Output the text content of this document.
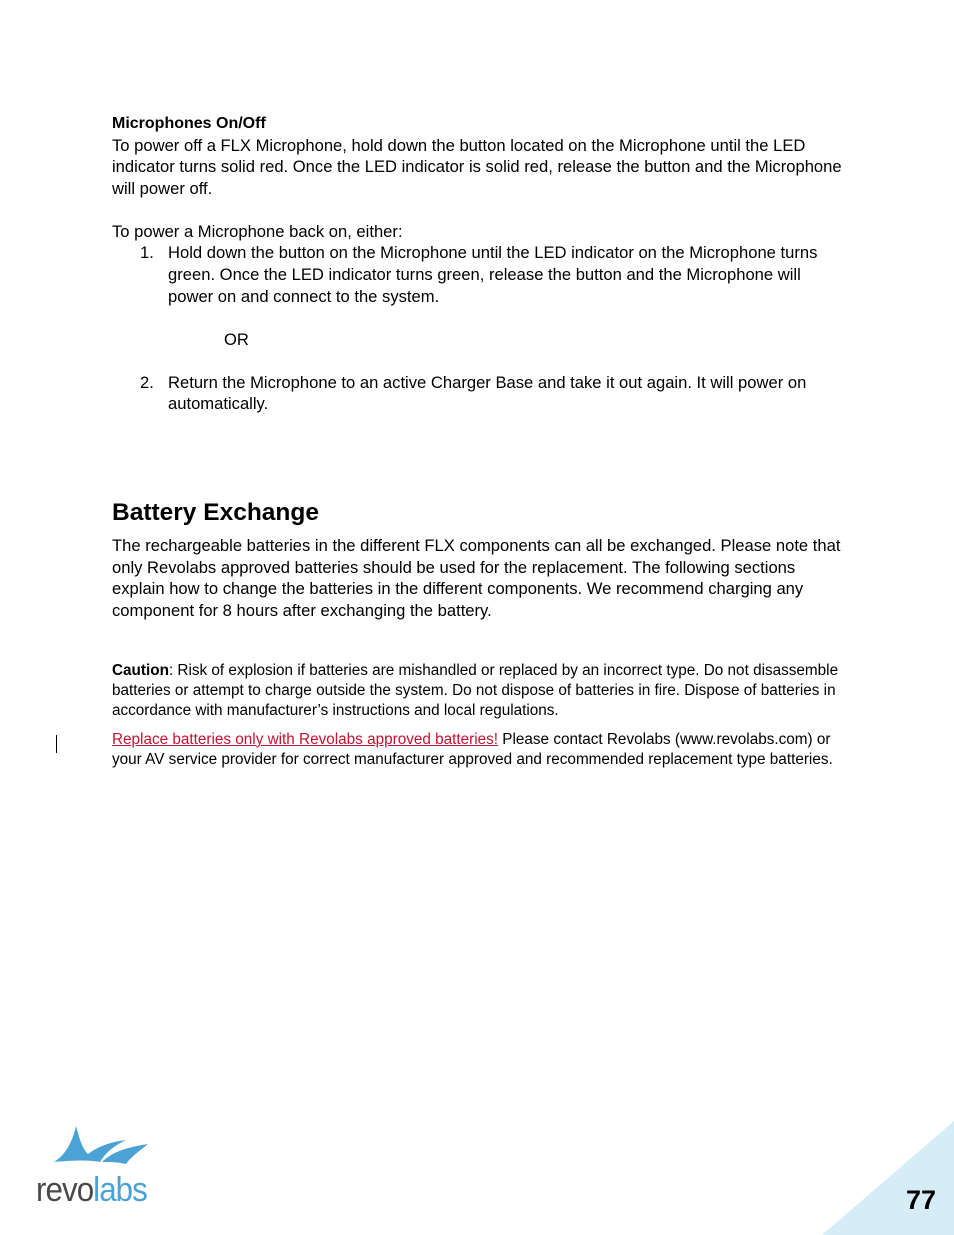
Microphones On/Off

To power off a FLX Microphone, hold down the button located on the Microphone until the LED indicator turns solid red. Once the LED indicator is solid red, release the button and the Microphone will power off.

To power a Microphone back on, either:

1. Hold down the button on the Microphone until the LED indicator on the Microphone turns green. Once the LED indicator turns green, release the button and the Microphone will power on and connect to the system.
OR
2. Return the Microphone to an active Charger Base and take it out again. It will power on automatically.
Battery Exchange

The rechargeable batteries in the different FLX components can all be exchanged. Please note that only Revolabs approved batteries should be used for the replacement. The following sections explain how to change the batteries in the different components. We recommend charging any component for 8 hours after exchanging the battery.

Caution: Risk of explosion if batteries are mishandled or replaced by an incorrect type. Do not disassemble batteries or attempt to charge outside the system. Do not dispose of batteries in fire. Dispose of batteries in accordance with manufacturer’s instructions and local regulations.

Replace batteries only with Revolabs approved batteries! Please contact Revolabs (www.revolabs.com) or your AV service provider for correct manufacturer approved and recommended replacement type batteries.

revolabs	77
